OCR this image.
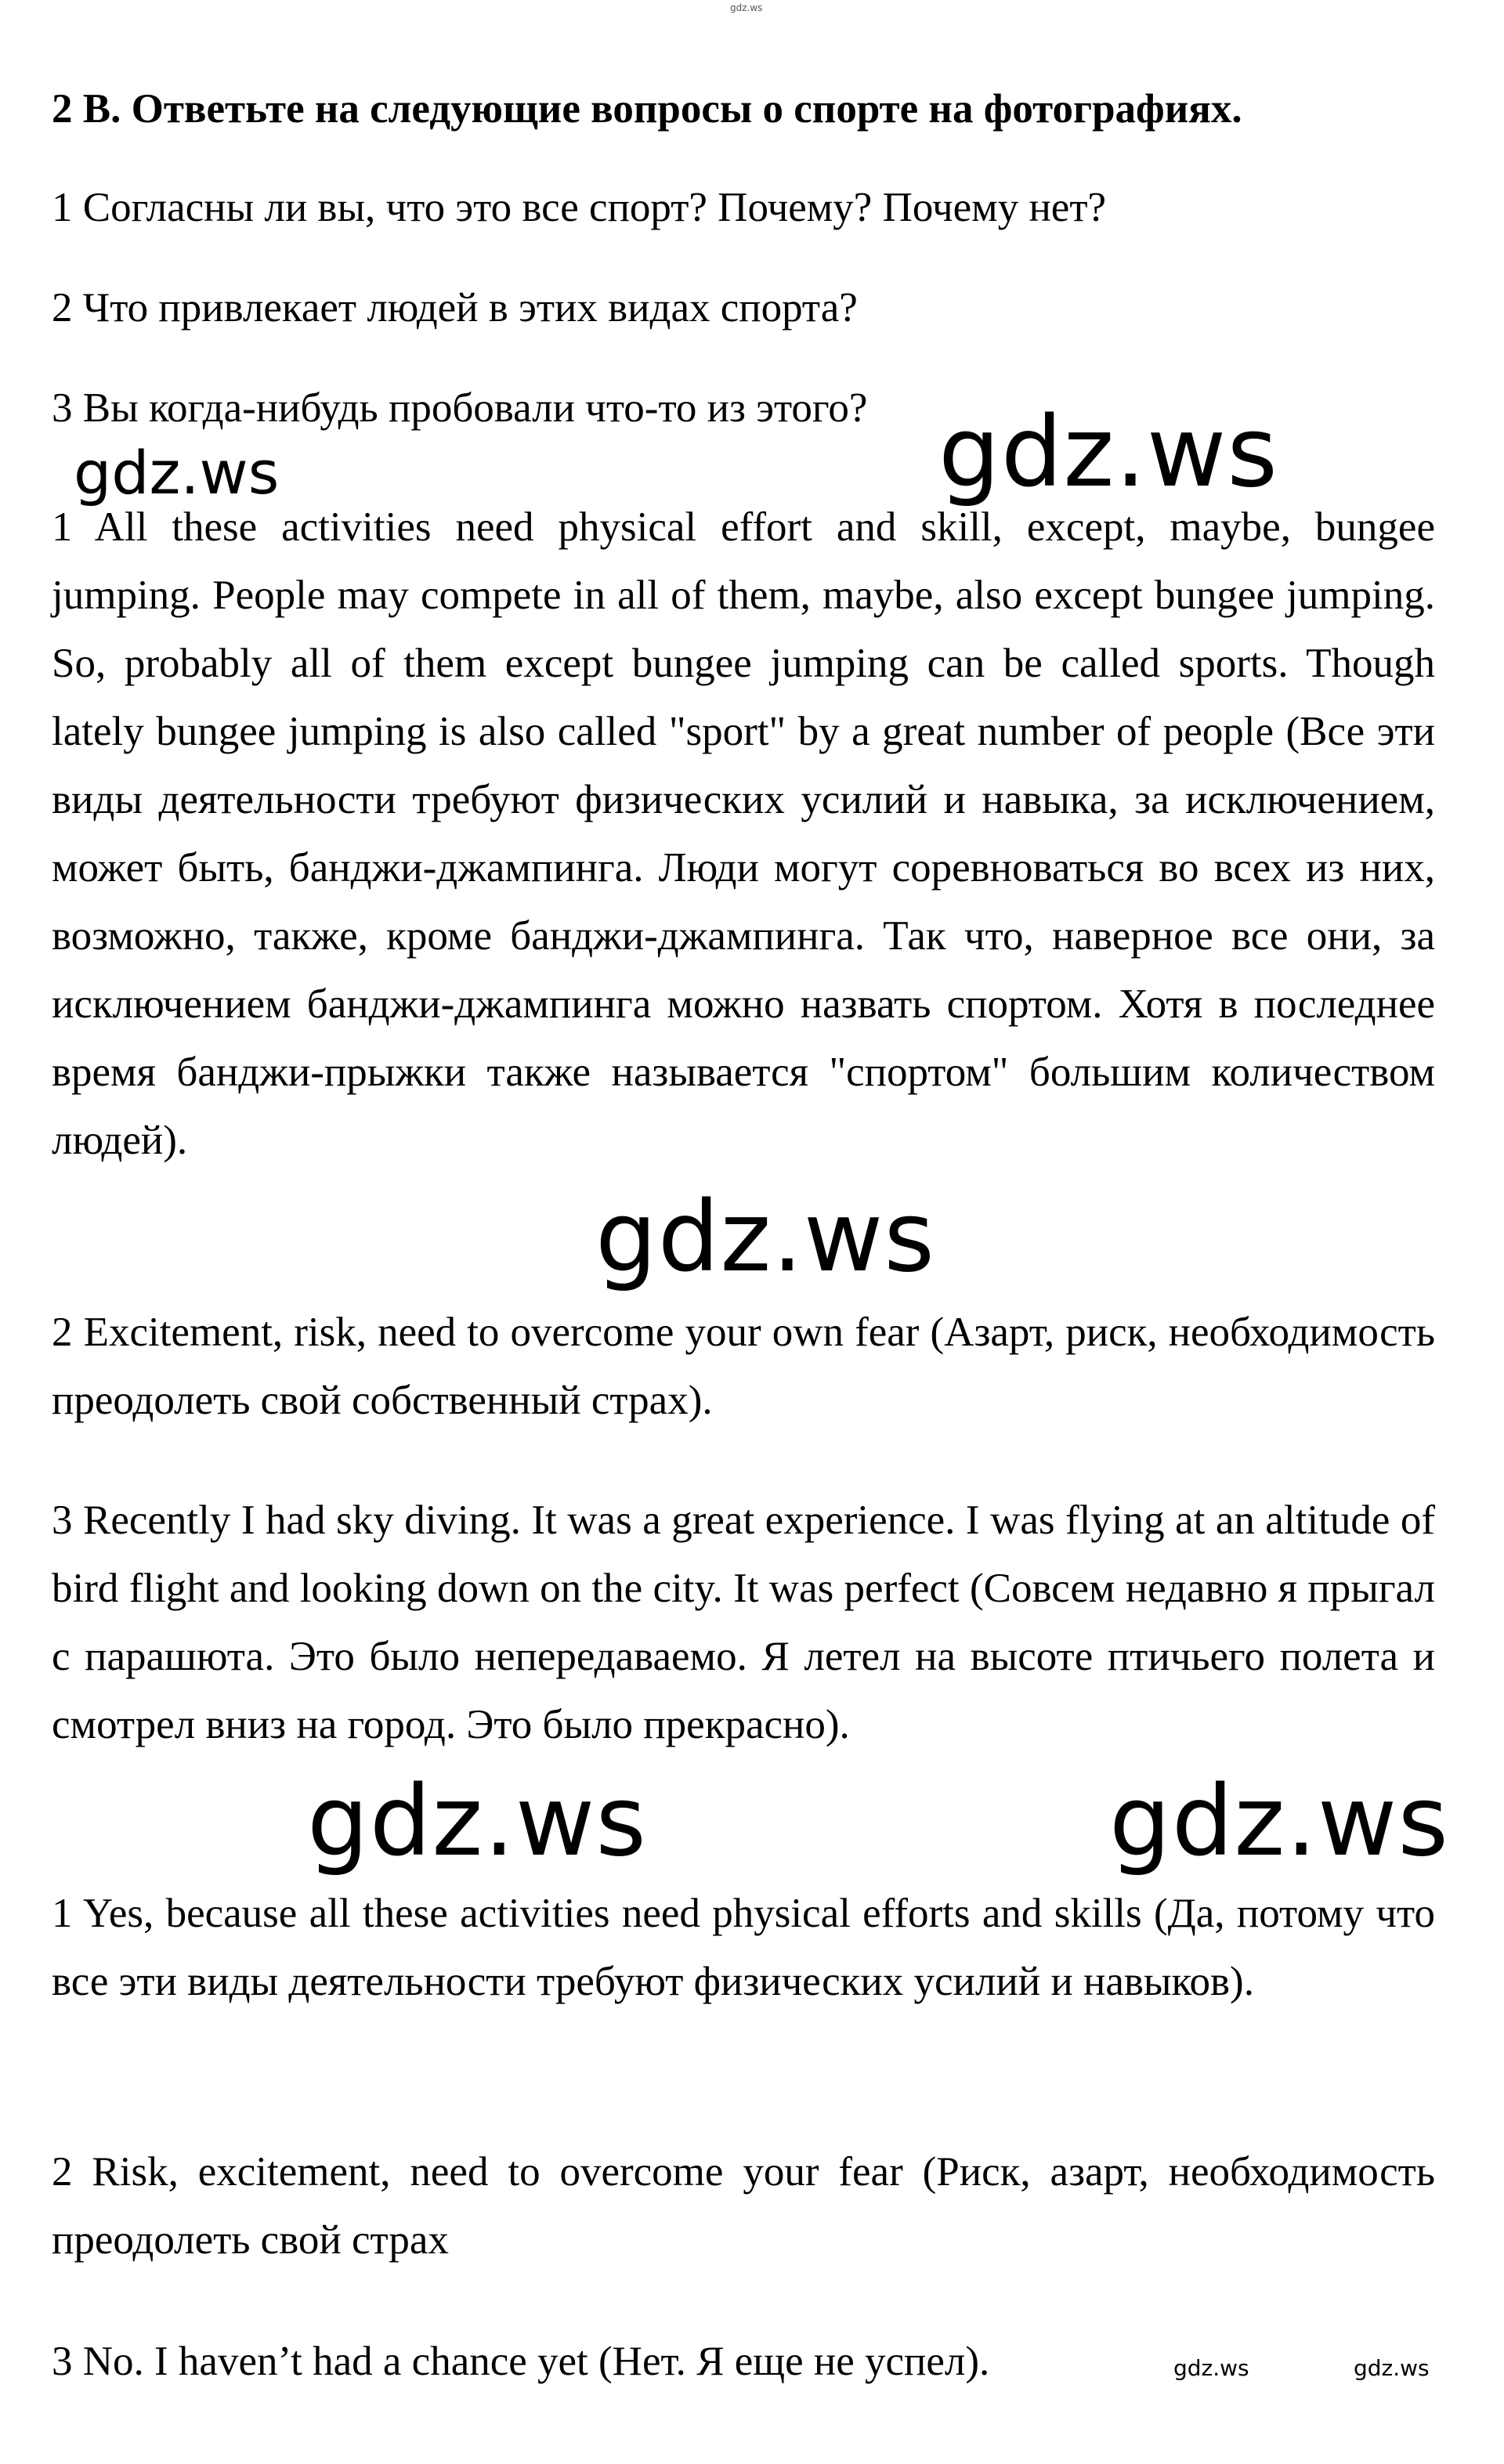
gdz.ws

2 В. Ответьте на следующие вопросы о спорте на фотографиях.

1 Согласны ли вы, что это все спорт? Почему? Почему нет?

2 Что привлекает людей в этих видах спорта?

3 Вы когда-нибудь пробовали что-то из этого?

1 All these activities need physical effort and skill, except, maybe, bungee jumping. People may compete in all of them, maybe, also except bungee jumping. So, probably all of them except bungee jumping can be called sports. Though lately bungee jumping is also called "sport" by a great number of people (Все эти виды деятельности требуют физических усилий и навыка, за исключением, может быть, банджи-джампинга. Люди могут соревноваться во всех из них, возможно, также, кроме банджи-джампинга. Так что, наверное все они, за исключением банджи-джампинга можно назвать спортом. Хотя в последнее время банджи-прыжки также называется "спортом" большим количеством людей).

2 Excitement, risk, need to overcome your own fear (Азарт, риск, необходимость преодолеть свой собственный страх).

3 Recently I had sky diving. It was a great experience. I was flying at an altitude of bird flight and looking down on the city. It was perfect (Совсем недавно я прыгал с парашюта. Это было непередаваемо. Я летел на высоте птичьего полета и смотрел вниз на город. Это было прекрасно).

1 Yes, because all these activities need physical efforts and skills (Да, потому что все эти виды деятельности требуют физических усилий и навыков).

2 Risk, excitement, need to overcome your fear (Риск, азарт, необходимость преодолеть свой страх

3 No. I haven’t had a chance yet (Нет. Я еще не успел).

gdz.ws	gdz.ws
gdz.ws
gdz.ws	gdz.ws
gdz.ws	gdz.ws
